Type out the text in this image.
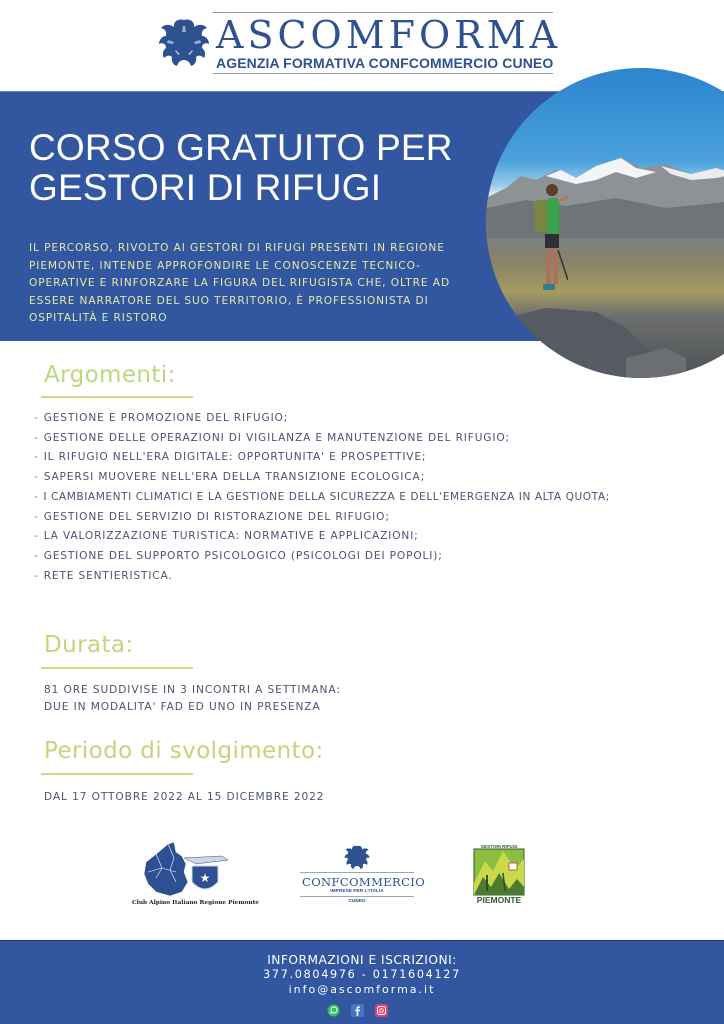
ASCOMFORMA
AGENZIA FORMATIVA CONFCOMMERCIO CUNEO
CORSO GRATUITO PER
GESTORI DI RIFUGI
IL PERCORSO, RIVOLTO AI GESTORI DI RIFUGI PRESENTI IN REGIONE
PIEMONTE, INTENDE APPROFONDIRE LE CONOSCENZE TECNICO-
OPERATIVE E RINFORZARE LA FIGURA DEL RIFUGISTA CHE, OLTRE AD
ESSERE NARRATORE DEL SUO TERRITORIO, È PROFESSIONISTA DI
OSPITALITÀ E RISTORO
Argomenti:
- GESTIONE E PROMOZIONE DEL RIFUGIO;
- GESTIONE DELLE OPERAZIONI DI VIGILANZA E MANUTENZIONE DEL RIFUGIO;
- IL RIFUGIO NELL'ERA DIGITALE: OPPORTUNITA' E PROSPETTIVE;
- SAPERSI MUOVERE NELL'ERA DELLA TRANSIZIONE ECOLOGICA;
- I CAMBIAMENTI CLIMATICI E LA GESTIONE DELLA SICUREZZA E DELL'EMERGENZA IN ALTA QUOTA;
- GESTIONE DEL SERVIZIO DI RISTORAZIONE DEL RIFUGIO;
- LA VALORIZZAZIONE TURISTICA: NORMATIVE E APPLICAZIONI;
- GESTIONE DEL SUPPORTO PSICOLOGICO (PSICOLOGI DEI POPOLI);
- RETE SENTIERISTICA.
Durata:
81 ORE SUDDIVISE IN 3 INCONTRI A SETTIMANA:
DUE IN MODALITA' FAD ED UNO IN PRESENZA
Periodo di svolgimento:
DAL 17 OTTOBRE 2022 AL 15 DICEMBRE 2022
★
Club Alpino Italiano Regione Piemonte
CONFCOMMERCIO
IMPRESE PER L'ITALIA
CUNEO
GESTORI RIFUGI
PIEMONTE
INFORMAZIONI E ISCRIZIONI:
377.0804976 - 0171604127
info@ascomforma.it
